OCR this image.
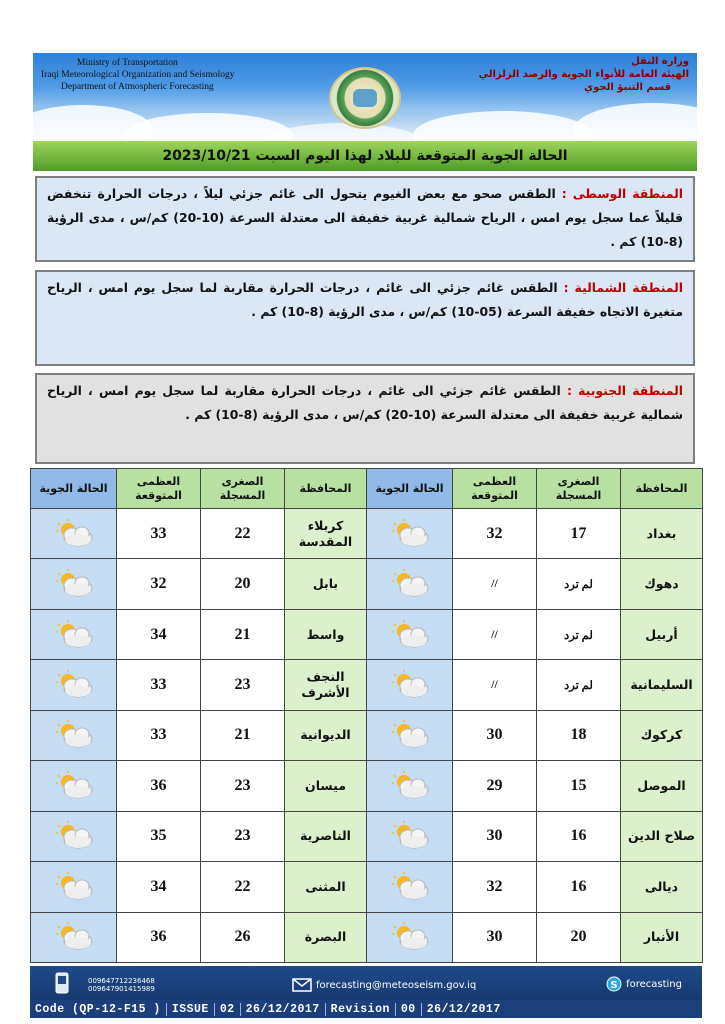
Ministry of Transportation
Iraqi Meteorological Organization and Seismology
Department of Atmospheric Forecasting
وزارة النقل
الهيئة العامة للأنواء الجوية والرصد الزلزالي
قسم التنبؤ الجوي
الحالة الجوية المتوقعة للبلاد لهذا اليوم السبت 2023/10/21
المنطقة الوسطى : الطقس صحو مع بعض الغيوم يتحول الى غائم جزئي ليلاً ، درجات الحرارة تنخفض قليلاً عما سجل يوم امس ، الرياح شمالية غربية خفيفة الى معتدلة السرعة (10-20) كم/س ، مدى الرؤية (8-10) كم .
المنطقة الشمالية : الطقس غائم جزئي الى غائم ، درجات الحرارة مقاربة لما سجل يوم امس ، الرياح متغيرة الاتجاه خفيفة السرعة (05-10) كم/س ، مدى الرؤية (8-10) كم .
المنطقة الجنوبية : الطقس غائم جزئي الى غائم ، درجات الحرارة مقاربة لما سجل يوم امس ، الرياح شمالية غربية خفيفة الى معتدلة السرعة (10-20) كم/س ، مدى الرؤية (8-10) كم .
المحافظة	الصغرى المسجلة	العظمى المتوقعة	الحالة الجوية	المحافظة	الصغرى المسجلة	العظمى المتوقعة	الحالة الجوية
بغداد	17	32		كربلاء المقدسة	22	33	
دهوك	لم ترد	//		بابل	20	32	
أربيل	لم ترد	//		واسط	21	34	
السليمانية	لم ترد	//		النجف الأشرف	23	33	
كركوك	18	30		الديوانية	21	33	
الموصل	15	29		ميسان	23	36	
صلاح الدين	16	30		الناصرية	23	35	
ديالى	16	32		المثنى	22	34	
الأنبار	20	30		البصرة	26	36	
009647712236468
009647901415989	forecasting@meteoseism.gov.iq	S forecasting
Code (QP-12-F15 ) ISSUE 02 26/12/2017 Revision 00 26/12/2017
